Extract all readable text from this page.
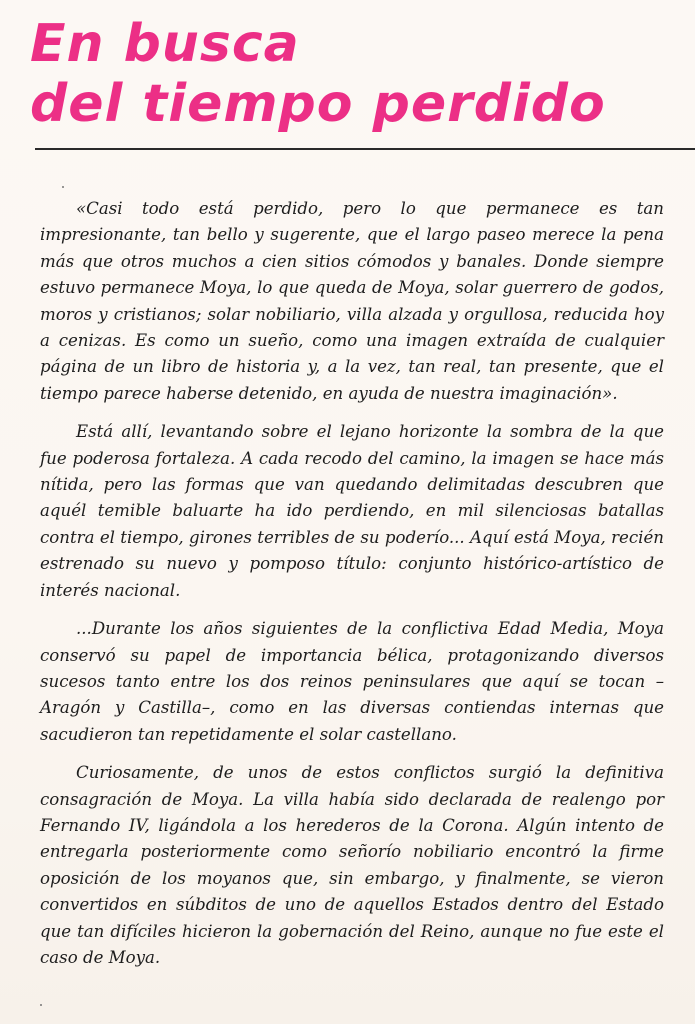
En busca
del tiempo perdido

«Casi todo está perdido, pero lo que permanece es tan impresionante, tan bello y sugerente, que el largo paseo merece la pena más que otros muchos a cien sitios cómodos y banales. Donde siempre estuvo permanece Moya, lo que queda de Moya, solar guerrero de godos, moros y cristianos; solar nobiliario, villa alzada y orgullosa, reducida hoy a cenizas. Es como un sueño, como una imagen extraída de cualquier página de un libro de historia y, a la vez, tan real, tan presente, que el tiempo parece haberse detenido, en ayuda de nuestra imaginación».

Está allí, levantando sobre el lejano horizonte la sombra de la que fue poderosa fortaleza. A cada recodo del camino, la imagen se hace más nítida, pero las formas que van quedando delimitadas descubren que aquél temible baluarte ha ido perdiendo, en mil silenciosas batallas contra el tiempo, girones terribles de su poderío... Aquí está Moya, recién estrenado su nuevo y pomposo título: conjunto histórico-artístico de interés nacional.

...Durante los años siguientes de la conflictiva Edad Media, Moya conservó su papel de importancia bélica, protagonizando diversos sucesos tanto entre los dos reinos peninsulares que aquí se tocan –Aragón y Castilla–, como en las diversas contiendas internas que sacudieron tan repetidamente el solar castellano.

Curiosamente, de unos de estos conflictos surgió la definitiva consagración de Moya. La villa había sido declarada de realengo por Fernando IV, ligándola a los herederos de la Corona. Algún intento de entregarla posteriormente como señorío nobiliario encontró la firme oposición de los moyanos que, sin embargo, y finalmente, se vieron convertidos en súbditos de uno de aquellos Estados dentro del Estado que tan difíciles hicieron la gobernación del Reino, aunque no fue este el caso de Moya.
